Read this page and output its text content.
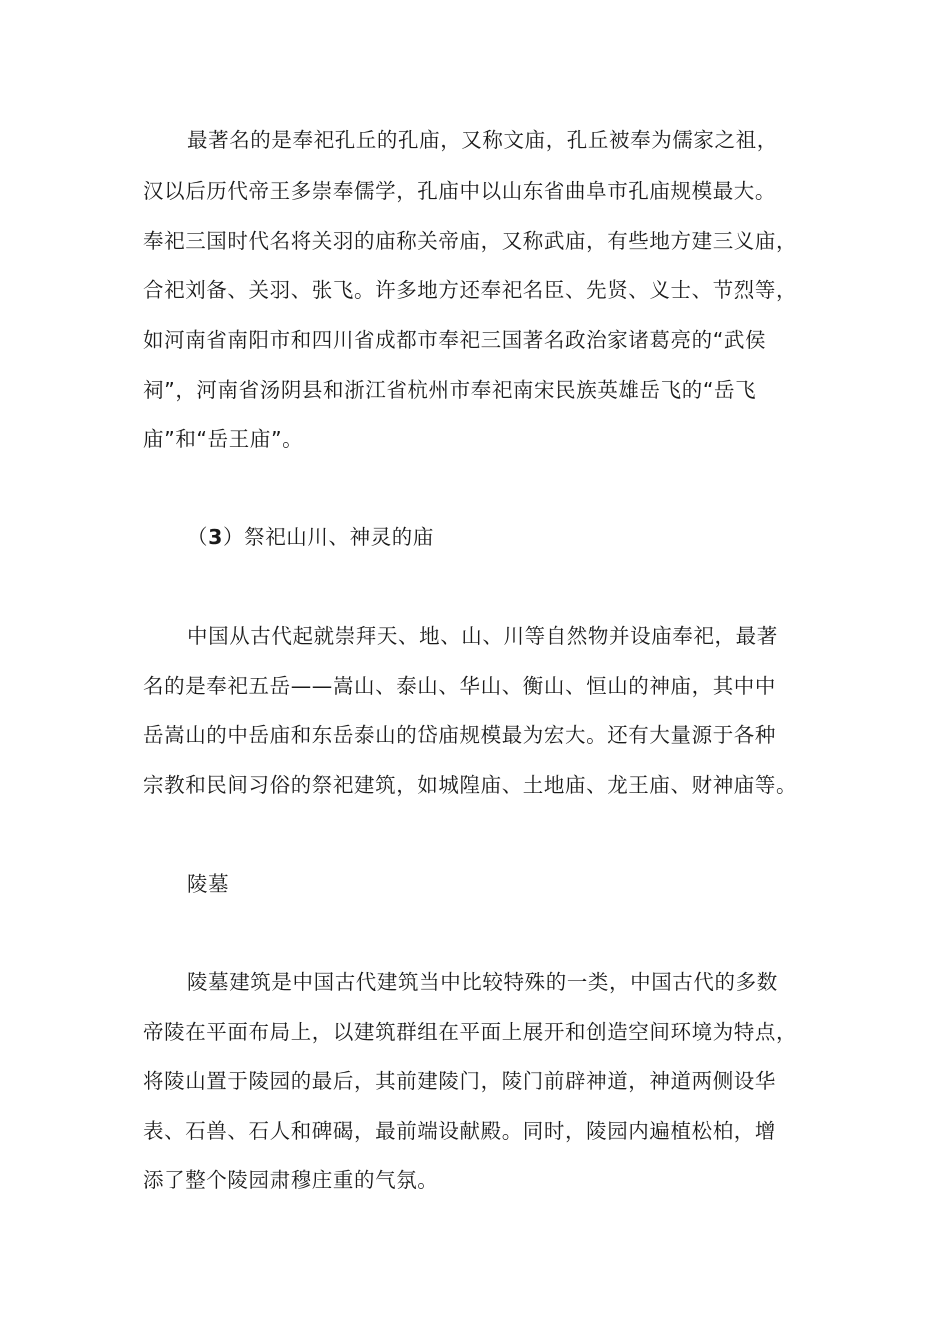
最著名的是奉祀孔丘的孔庙，又称文庙，孔丘被奉为儒家之祖，
汉以后历代帝王多崇奉儒学，孔庙中以山东省曲阜市孔庙规模最大。
奉祀三国时代名将关羽的庙称关帝庙，又称武庙，有些地方建三义庙，
合祀刘备、关羽、张飞。许多地方还奉祀名臣、先贤、义士、节烈等，
如河南省南阳市和四川省成都市奉祀三国著名政治家诸葛亮的“武侯
祠”，河南省汤阴县和浙江省杭州市奉祀南宋民族英雄岳飞的“岳飞
庙”和“岳王庙”。
（3）祭祀山川、神灵的庙
中国从古代起就崇拜天、地、山、川等自然物并设庙奉祀，最著
名的是奉祀五岳——嵩山、泰山、华山、衡山、恒山的神庙，其中中
岳嵩山的中岳庙和东岳泰山的岱庙规模最为宏大。还有大量源于各种
宗教和民间习俗的祭祀建筑，如城隍庙、土地庙、龙王庙、财神庙等。
陵墓
陵墓建筑是中国古代建筑当中比较特殊的一类，中国古代的多数
帝陵在平面布局上，以建筑群组在平面上展开和创造空间环境为特点，
将陵山置于陵园的最后，其前建陵门，陵门前辟神道，神道两侧设华
表、石兽、石人和碑碣，最前端设献殿。同时，陵园内遍植松柏，增
添了整个陵园肃穆庄重的气氛。
